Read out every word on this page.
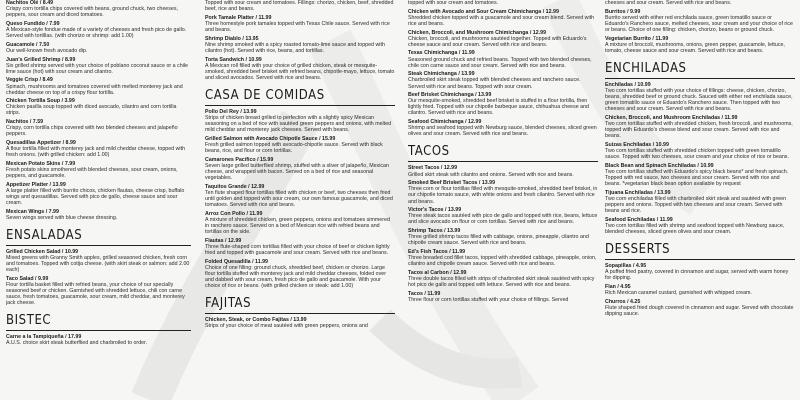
Nachitos Olé / 8.49
Crispy corn tortilla chips covered with beans, ground chuck, two cheeses, peppers, sour cream and diced tomatoes.
Queso Fundido / 7.99
A Mexican-style fondue made of a variety of cheeses and fresh pico de gallo. Served with tortillas. (with chorizo or shrimp: add 1.00)
Guacamole / 7.50
Our well-known fresh avocado dip.
Juan's Grilled Shrimp / 8.99
Six grilled shrimp served with your choice of poblano coconut sauce or a chile lime sauce (hot) with sour cream and cilantro.
Veggie Crisp / 8.49
Spinach, mushrooms and tomatoes covered with melted monterey jack and cheddar cheese on top of a crispy flour tortilla.
Chicken Tortilla Soup / 3.99
Chicken pasilla soup topped with diced avocado, cilantro and corn tortilla strips.
Nachitos / 7.59
Crispy, corn tortilla chips covered with two blended cheeses and jalapeño peppers.
Quesadillas Appetizer / 8.99
A flour tortilla filled with monterey jack and mild cheddar cheese, topped with fresh onions. (with grilled chicken: add 1.00)
Mexican Potato Skins / 7.99
Fresh potato skins smothered with blended cheeses, sour cream, onions, peppers, and guacamole.
Appetizer Platter / 13.99
A large platter filled with burrito chicos, chicken flautas, cheese crisp, buffalo wings and quesadillas. Served with pico de gallo, cheese sauce and sour cream.
Mexican Wings / 7.99
Seven wings served with blue cheese dressing.
ENSALADAS
Grilled Chicken Salad / 10.99
Mixed greens with Granny Smith apples, grilled seasoned chicken, fresh corn and tomatoes. Topped with cotija cheese. (with skirt steak or salmon: add 2.00 each)
Taco Salad / 9.99
Flour tortilla basket filled with refried beans, your choice of our specially seasoned beef or chicken. Garnished with shredded lettuce, chili con carne sauce, fresh tomatoes, guacamole, sour cream, mild cheddar, and monterey jack cheese.
BISTEC
Carne a la Tampiqueña / 17.99
A.U.S. choice skirt steak butterflied and charbroiled to order.
Topped with sour cream and tomatoes. Fillings: chorizo, chicken, beef, shredded beef, rice and beans.
Pork Tamale Platter / 11.99
Three homestyle pork tamales topped with Texas Chile sauce. Served with rice and beans.
Shrimp Diablo / 13.95
Nine shrimp smoked with a spicy roasted tomato-lime sauce and topped with cilantro (hot). Served with rice, beans, and tortillas.
Torta Sandwich / 10.99
A Mexican roll filled with your choice of grilled chicken, steak or mesquite-smoked, shredded beef brisket with refried beans, chipotle-mayo, lettuce, tomato and sliced avocados. Served with rice and beans.
CASA DE COMIDAS
Pollo Del Rey / 13.99
Strips of chicken breast grilled to perfection with a slightly spicy Mexican seasoning on a bed of rice with sautéed green peppers and onions, with melted mild cheddar and monterey jack cheeses. Served with beans.
Grilled Salmon with Avocado Chipotle Sauce / 15.99
Fresh grilled salmon topped with avocado-chipotle sauce. Served with black beans, rice, and flour or corn tortillas.
Camarones Pacífico / 15.99
Seven large grilled butterflied shrimp, stuffed with a sliver of jalapeño, Mexican cheese, and wrapped with bacon. Served on a bed of rice and seasonal vegetables.
Taquitos Grande / 12.99
Ten flute shaped flour tortillas filled with chicken or beef, two cheeses then fried until golden and topped with sour cream, our own famous guacamole, and diced tomatoes. Served with rice and beans.
Arroz Con Pollo / 11.99
A mixture of shredded chicken, green peppers, onions and tomatoes simmered in ranchero sauce. Served on a bed of Mexican rice with refried beans and tortillas on the side.
Flautas / 12.99
Three flute-shaped corn tortillas filled with your choice of beef or chicken lightly fried and topped with guacamole and sour cream. Served with rice and beans.
Folded Quesadilla / 11.99
Choice of one filling: ground chuck, shredded beef, chicken or chorizo. Large flour tortilla stuffed with monterey jack and mild cheddar cheeses, folded over and dabbed with sour cream, fresh pico de gallo and guacamole. With your choice of rice or beans. (with grilled chicken or steak: add 1.00)
FAJITAS
Chicken, Steak, or Combo Fajitas / 13.99
Strips of your choice of meat sautéed with green peppers, onions and
topped with sour cream and tomatoes.
Chicken with Avocado and Sour Cream Chimichanga / 12.99
Shredded chicken topped with a guacamole and sour cream blend. Served with rice and beans.
Chicken, Broccoli, and Mushroom Chimichanga / 12.99
Chicken, broccoli, and mushrooms sautéed together. Topped with Eduardo's cheese sauce and sour cream. Served with rice and beans.
Texas Chimichanga / 11.99
Seasoned ground chuck and refried beans. Topped with two blended cheeses, chile con carne sauce and sour cream. Served with rice and beans.
Steak Chimichanga / 13.99
Charbroiled skirt steak topped with blended cheeses and ranchero sauce. Served with rice and beans. Topped with sour cream.
Beef Brisket Chimichanga / 13.99
Our mesquite-smoked, shredded beef brisket is stuffed in a flour tortilla, then lightly fried. Topped with our chipotle barbeque sauce, chihuahua cheese and cilantro. Served with rice and beans.
Seafood Chimichanga / 12.99
Shrimp and seafood topped with Newburg sauce, blended cheeses, sliced green olives and sour cream. Served with rice and beans.
TACOS
Street Tacos / 12.99
Grilled skirt steak with cilantro and onions. Served with rice and beans.
Smoked Beef Brisket Tacos / 13.99
Three corn or flour tortillas filled with mesquite-smoked, shredded beef brisket, in our chipotle tomato sauce, with white onions and fresh cilantro. Served with rice and beans.
Victor's Tacos / 13.99
Three steak tacos sautéed with pico de gallo and topped with rice, beans, lettuce and slice avocado on flour or corn tortillas. Served with rice and beans.
Shrimp Tacos / 13.99
Three grilled shrimp tacos filled with cabbage, onions, pineapple, cilantro and chipotle cream sauce. Served with rice and beans.
Ed's Fish Tacos / 11.99
Three breaded cod fillet tacos, topped with shredded cabbage, pineapple, onion, cilantro and chipotle cream sauce. Served with rice and beans.
Tacos al Carbon / 12.99
Three double tacos filled with strips of charbroiled skirt steak sautéed with spicy hot pico de gallo and topped with lettuce. Served with rice and beans.
Tacos / 11.99
Three flour or corn tortillas stuffed with your choice of fillings. Served
cheeses and sour cream. Served with rice and beans.
Burritos / 9.99
Burrito served with either red enchilada sauce, green tomatillo sauce or Eduardo's Ranchero sauce, melted cheeses, sour cream and your choice of rice or beans. Choice of one filling: chicken, chorizo, beans or ground chuck.
Vegetarian Burrito / 11.99
A mixture of broccoli, mushrooms, onions, green pepper, guacamole, lettuce, tomato, cheese sauce and sour cream. Served with rice and beans.
ENCHILADAS
Enchiladas / 10.99
Two corn tortillas stuffed with your choice of fillings: cheese, chicken, chorizo, beans, shredded beef or ground chuck. Sauced with either red enchilada sauce, green tomatillo sauce or Eduardo's Ranchero sauce. Then topped with two cheeses and sour cream. Served with rice and beans.
Chicken, Broccoli, and Mushroom Enchiladas / 11.99
Two corn tortillas stuffed with shredded chicken, fresh broccoli, and mushrooms, topped with Eduardo's cheese blend and sour cream. Served with rice and beans.
Suizas Enchiladas / 10.99
Two corn tortillas stuffed with shredded chicken topped with green tomatillo sauce. Topped with two cheeses, sour cream and your choice of rice or beans.
Black Bean and Spinach Enchiladas / 10.99
Two corn tortillas stuffed with Eduardo's spicy black beans* and fresh spinach. Topped with red sauce, two cheeses and sour cream. Served with rice and beans. *vegetarian black bean option available by request
Tijuana Enchiladas / 13.99
Two corn enchiladas filled with charbroiled skirt steak and sautéed with green peppers and onions. Topped with two cheeses and sour cream. Served with beans and rice.
Seafood Enchiladas / 11.99
Two corn tortillas filled with shrimp and seafood topped with Newburg sauce, blended cheeses, sliced green olives and sour cream.
DESSERTS
Sopapillas / 4.95
A puffed fried pastry, covered in cinnamon and sugar, served with warm honey for dipping.
Flan / 4.95
Rich Mexican caramel custard, garnished with whipped cream.
Churros / 4.25
Flute shaped fried dough covered in cinnamon and sugar. Served with chocolate dipping sauce.
